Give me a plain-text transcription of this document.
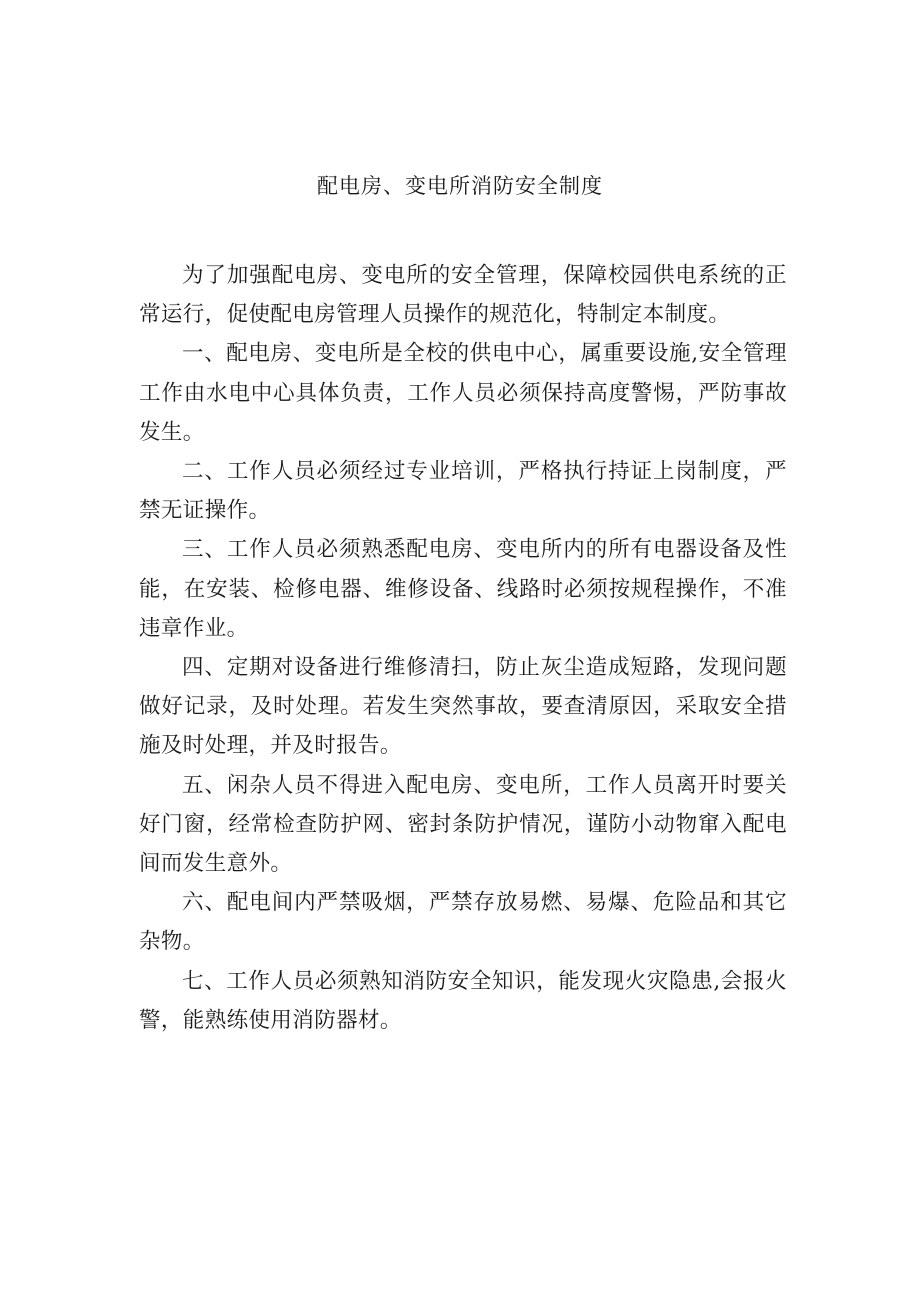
配电房、变电所消防安全制度

为了加强配电房、变电所的安全管理，保障校园供电系统的正常运行，促使配电房管理人员操作的规范化，特制定本制度。

一、配电房、变电所是全校的供电中心，属重要设施,安全管理工作由水电中心具体负责，工作人员必须保持高度警惕，严防事故发生。

二、工作人员必须经过专业培训，严格执行持证上岗制度，严禁无证操作。

三、工作人员必须熟悉配电房、变电所内的所有电器设备及性能，在安装、检修电器、维修设备、线路时必须按规程操作，不准违章作业。

四、定期对设备进行维修清扫，防止灰尘造成短路，发现问题做好记录，及时处理。若发生突然事故，要查清原因，采取安全措施及时处理，并及时报告。

五、闲杂人员不得进入配电房、变电所，工作人员离开时要关好门窗，经常检查防护网、密封条防护情况，谨防小动物窜入配电间而发生意外。

六、配电间内严禁吸烟，严禁存放易燃、易爆、危险品和其它杂物。

七、工作人员必须熟知消防安全知识，能发现火灾隐患,会报火警，能熟练使用消防器材。
